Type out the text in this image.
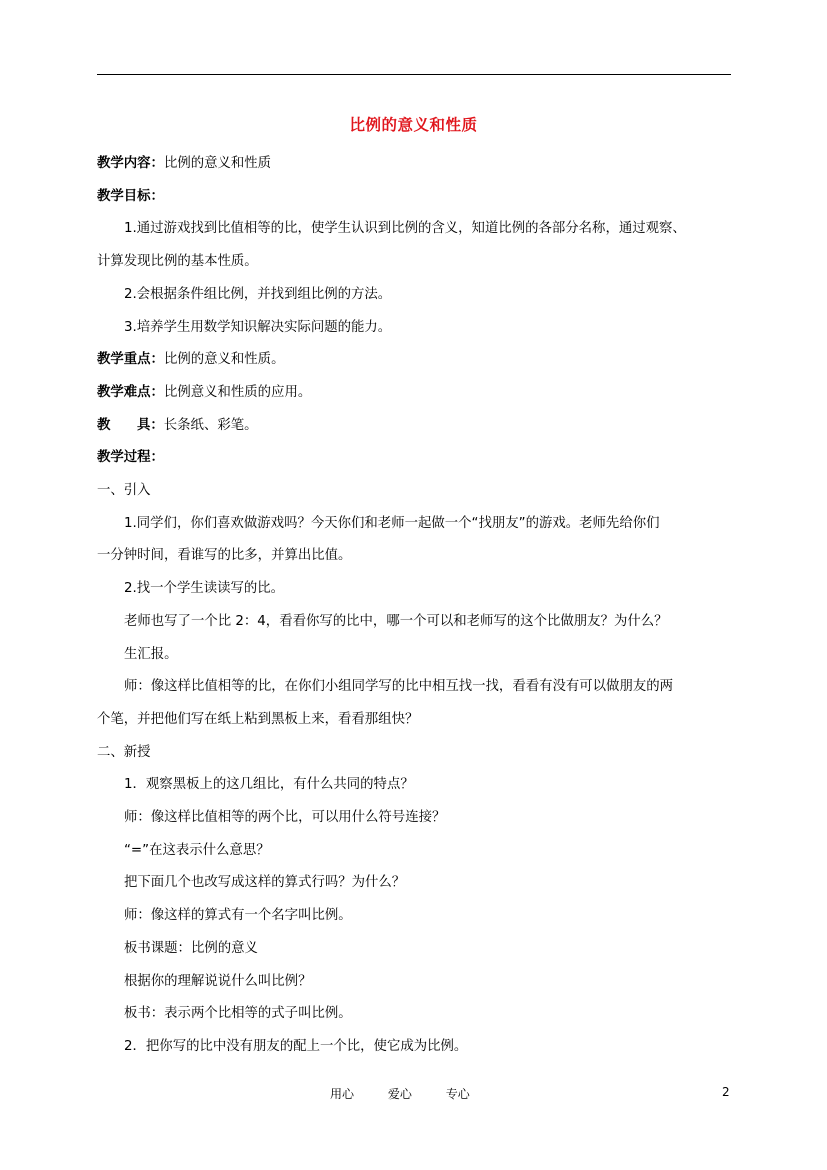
比例的意义和性质

教学内容：比例的意义和性质

教学目标：

1.通过游戏找到比值相等的比，使学生认识到比例的含义，知道比例的各部分名称，通过观察、

计算发现比例的基本性质。

2.会根据条件组比例，并找到组比例的方法。

3.培养学生用数学知识解决实际问题的能力。

教学重点：比例的意义和性质。

教学难点：比例意义和性质的应用。

教 具：长条纸、彩笔。

教学过程：

一、引入

1.同学们，你们喜欢做游戏吗？今天你们和老师一起做一个“找朋友”的游戏。老师先给你们

一分钟时间，看谁写的比多，并算出比值。

2.找一个学生读读写的比。

老师也写了一个比 2：4，看看你写的比中，哪一个可以和老师写的这个比做朋友？为什么？

生汇报。

师：像这样比值相等的比，在你们小组同学写的比中相互找一找，看看有没有可以做朋友的两

个笔，并把他们写在纸上粘到黑板上来，看看那组快？

二、新授

1．观察黑板上的这几组比，有什么共同的特点？

师：像这样比值相等的两个比，可以用什么符号连接？

“=”在这表示什么意思？

把下面几个也改写成这样的算式行吗？为什么？

师：像这样的算式有一个名字叫比例。

板书课题：比例的意义

根据你的理解说说什么叫比例？

板书：表示两个比相等的式子叫比例。

2．把你写的比中没有朋友的配上一个比，使它成为比例。

用心	爱心	专心	2
